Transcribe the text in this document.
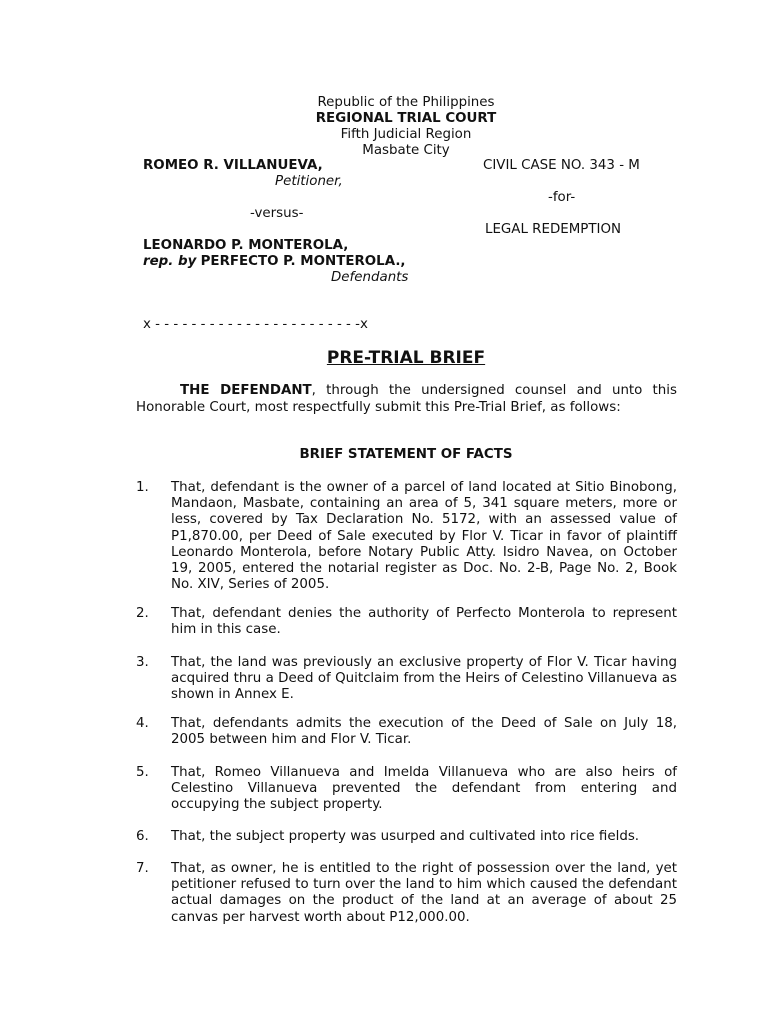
Republic of the Philippines
REGIONAL TRIAL COURT
Fifth Judicial Region
Masbate City
ROMEO R. VILLANUEVA,
Petitioner,
-versus-
LEONARDO P. MONTEROLA,
rep. by PERFECTO P. MONTEROLA.,
Defendants
CIVIL CASE NO. 343 - M
-for-
LEGAL REDEMPTION
x - - - - - - - - - - - - - - - - - - - - - - -x
PRE-TRIAL BRIEF
THE DEFENDANT, through the undersigned counsel and unto this Honorable Court, most respectfully submit this Pre-Trial Brief, as follows:
BRIEF STATEMENT OF FACTS
1. That, defendant is the owner of a parcel of land located at Sitio Binobong, Mandaon, Masbate, containing an area of 5, 341 square meters, more or less, covered by Tax Declaration No. 5172, with an assessed value of P1,870.00, per Deed of Sale executed by Flor V. Ticar in favor of plaintiff Leonardo Monterola, before Notary Public Atty. Isidro Navea, on October 19, 2005, entered the notarial register as Doc. No. 2-B, Page No. 2, Book No. XIV, Series of 2005.
2. That, defendant denies the authority of Perfecto Monterola to represent him in this case.
3. That, the land was previously an exclusive property of Flor V. Ticar having acquired thru a Deed of Quitclaim from the Heirs of Celestino Villanueva as shown in Annex E.
4. That, defendants admits the execution of the Deed of Sale on July 18, 2005 between him and Flor V. Ticar.
5. That, Romeo Villanueva and Imelda Villanueva who are also heirs of Celestino Villanueva prevented the defendant from entering and occupying the subject property.
6. That, the subject property was usurped and cultivated into rice fields.
7. That, as owner, he is entitled to the right of possession over the land, yet petitioner refused to turn over the land to him which caused the defendant actual damages on the product of the land at an average of about 25 canvas per harvest worth about P12,000.00.
